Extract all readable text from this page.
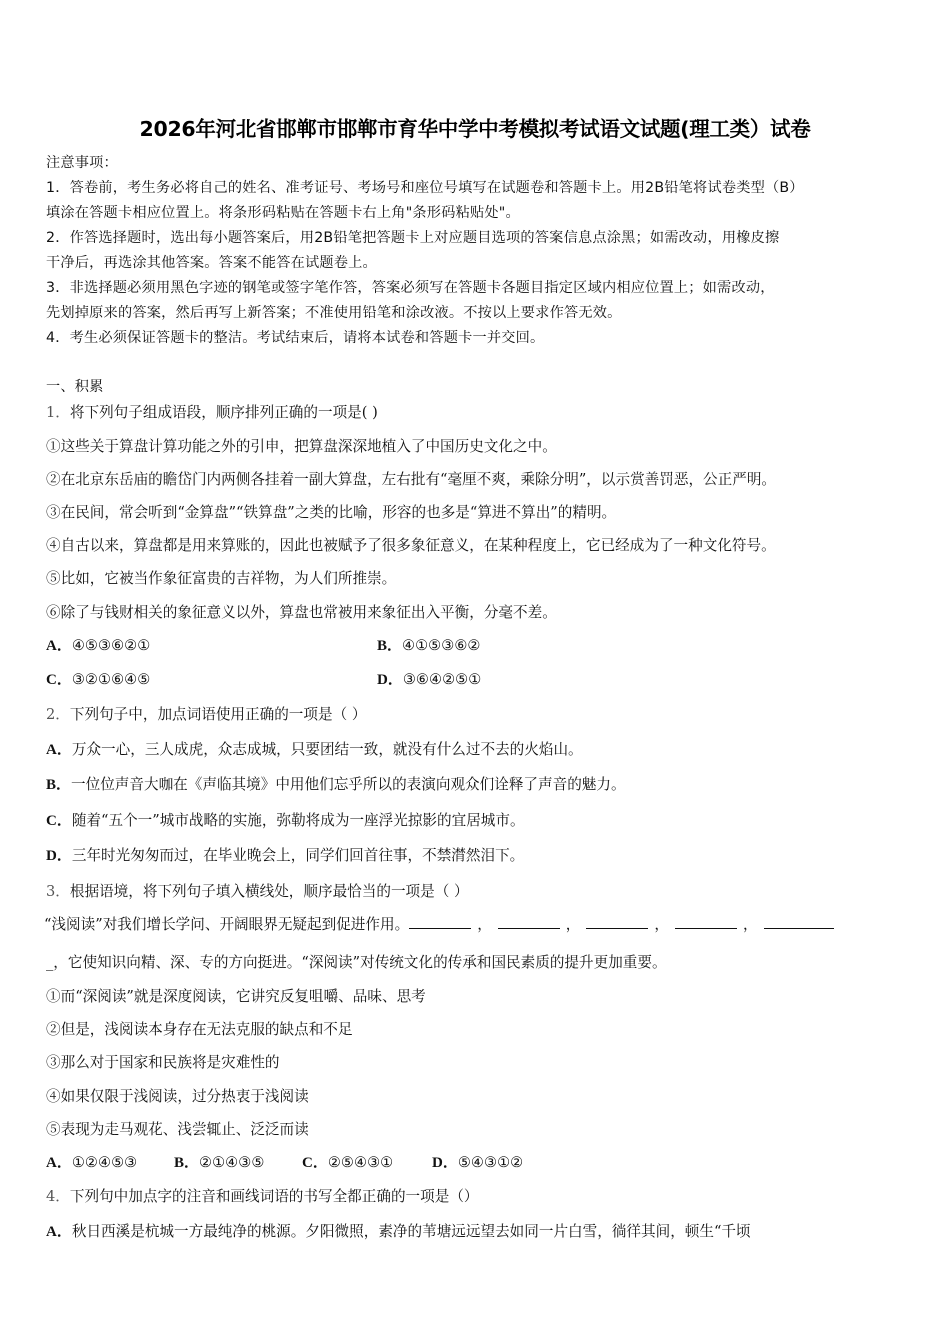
2026年河北省邯郸市邯郸市育华中学中考模拟考试语文试题(理工类）试卷
注意事项：
1．答卷前，考生务必将自己的姓名、准考证号、考场号和座位号填写在试题卷和答题卡上。用2B铅笔将试卷类型（B）
填涂在答题卡相应位置上。将条形码粘贴在答题卡右上角"条形码粘贴处"。
2．作答选择题时，选出每小题答案后，用2B铅笔把答题卡上对应题目选项的答案信息点涂黑；如需改动，用橡皮擦
干净后，再选涂其他答案。答案不能答在试题卷上。
3．非选择题必须用黑色字迹的钢笔或签字笔作答，答案必须写在答题卡各题目指定区域内相应位置上；如需改动，
先划掉原来的答案，然后再写上新答案；不准使用铅笔和涂改液。不按以上要求作答无效。
4．考生必须保证答题卡的整洁。考试结束后，请将本试卷和答题卡一并交回。
一、积累
1．将下列句子组成语段，顺序排列正确的一项是( )
①这些关于算盘计算功能之外的引申，把算盘深深地植入了中国历史文化之中。
②在北京东岳庙的瞻岱门内两侧各挂着一副大算盘，左右批有“毫厘不爽，乘除分明”，以示赏善罚恶，公正严明。
③在民间，常会听到“金算盘”“铁算盘”之类的比喻，形容的也多是“算进不算出”的精明。
④自古以来，算盘都是用来算账的，因此也被赋予了很多象征意义，在某种程度上，它已经成为了一种文化符号。
⑤比如，它被当作象征富贵的吉祥物，为人们所推崇。
⑥除了与钱财相关的象征意义以外，算盘也常被用来象征出入平衡，分毫不差。
A．④⑤③⑥②①	B．④①⑤③⑥②
C．③②①⑥④⑤	D．③⑥④②⑤①
2．下列句子中，加点词语使用正确的一项是（ ）
A．万众一心，三人成虎，众志成城，只要团结一致，就没有什么过不去的火焰山。
B．一位位声音大咖在《声临其境》中用他们忘乎所以的表演向观众们诠释了声音的魅力。
C．随着“五个一”城市战略的实施，弥勒将成为一座浮光掠影的宜居城市。
D．三年时光匆匆而过，在毕业晚会上，同学们回首往事，不禁潸然泪下。
3．根据语境，将下列句子填入横线处，顺序最恰当的一项是（ ）
“浅阅读”对我们增长学问、开阔眼界无疑起到促进作用。	，	，	，	，
_，它使知识向精、深、专的方向挺进。“深阅读”对传统文化的传承和国民素质的提升更加重要。
①而“深阅读”就是深度阅读，它讲究反复咀嚼、品味、思考
②但是，浅阅读本身存在无法克服的缺点和不足
③那么对于国家和民族将是灾难性的
④如果仅限于浅阅读，过分热衷于浅阅读
⑤表现为走马观花、浅尝辄止、泛泛而读
A．①②④⑤③ B．②①④③⑤	C．②⑤④③①	D．⑤④③①②
4．下列句中加点字的注音和画线词语的书写全都正确的一项是（）
A．秋日西溪是杭城一方最纯净的桃源。夕阳微照，素净的苇塘远远望去如同一片白雪，徜徉其间，顿生“千顷
